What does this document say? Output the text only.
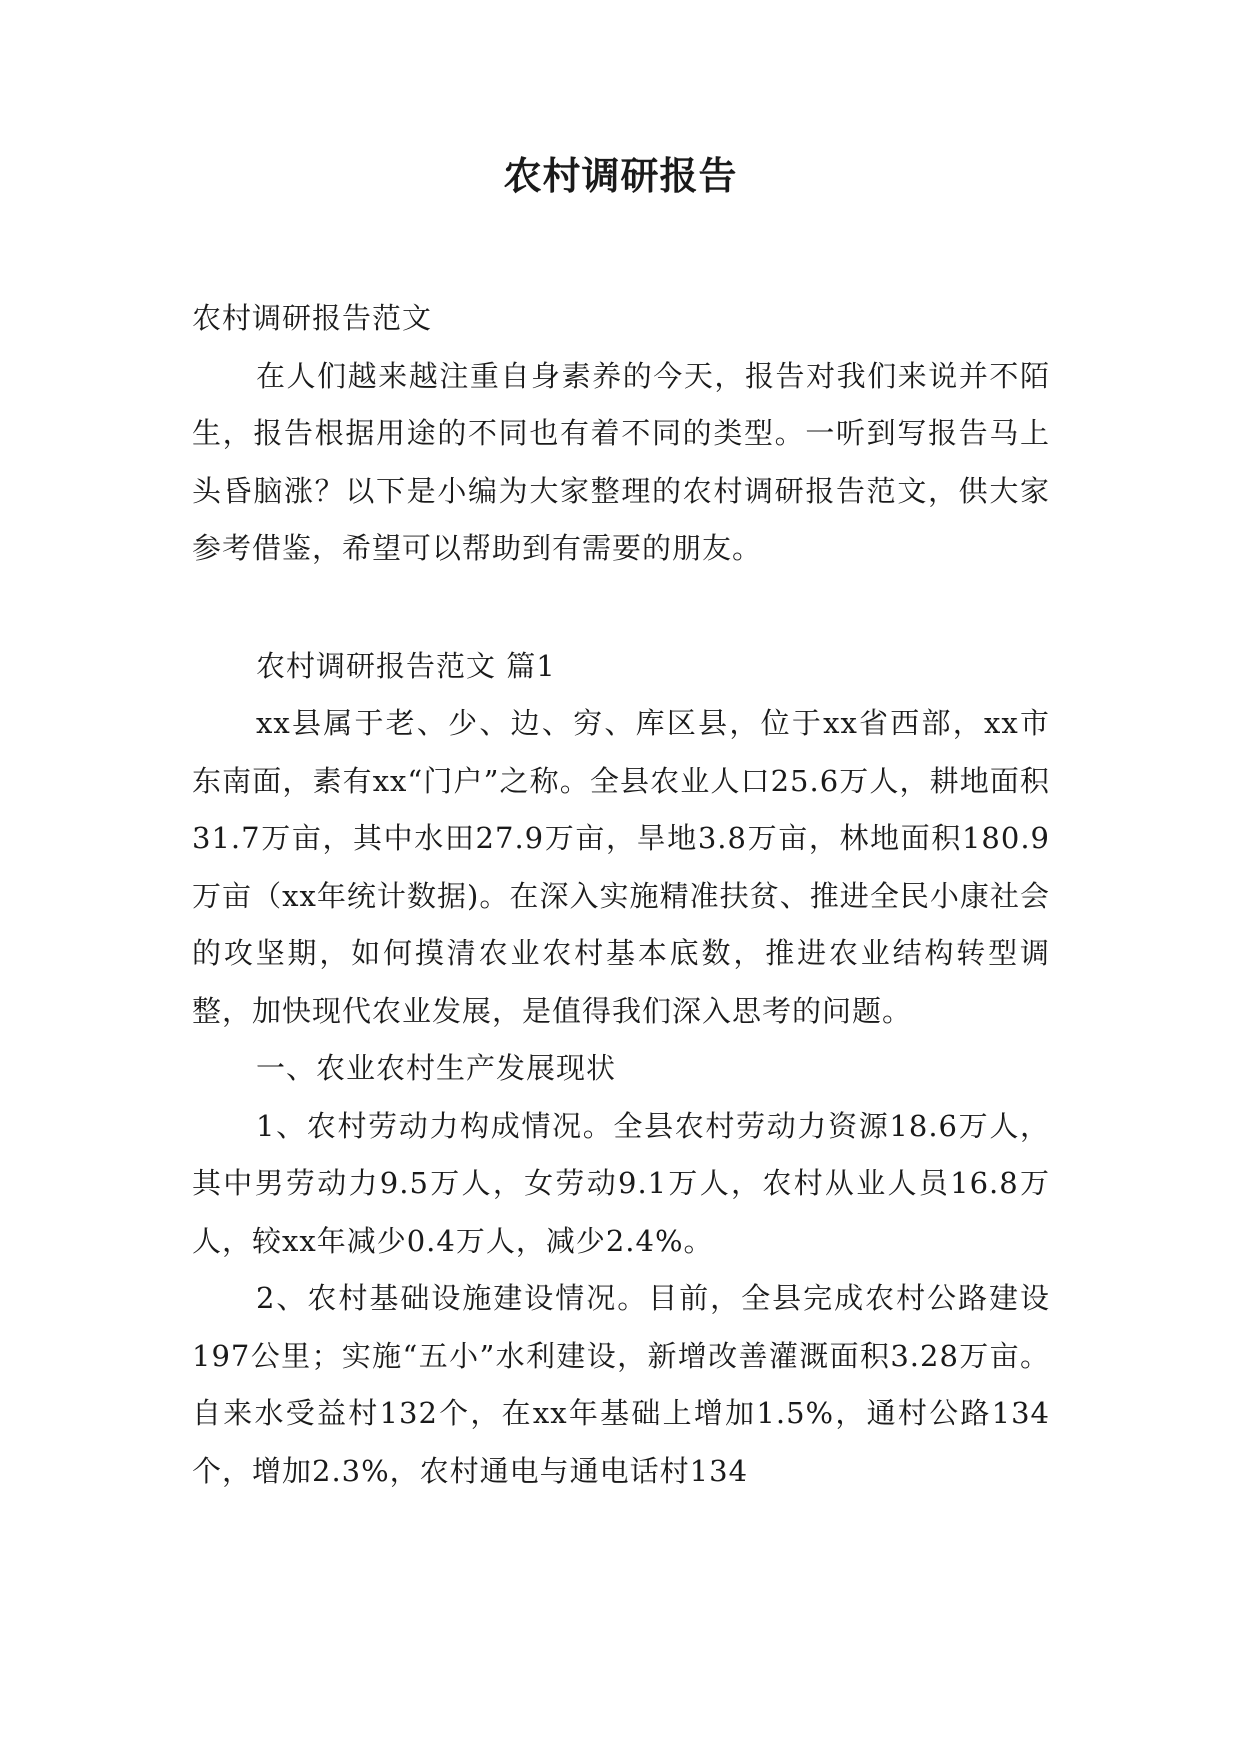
农村调研报告

农村调研报告范文

在人们越来越注重自身素养的今天，报告对我们来说并不陌生，报告根据用途的不同也有着不同的类型。一听到写报告马上头昏脑涨？以下是小编为大家整理的农村调研报告范文，供大家参考借鉴，希望可以帮助到有需要的朋友。

农村调研报告范文 篇1

xx县属于老、少、边、穷、库区县，位于xx省西部，xx市东南面，素有xx“门户”之称。全县农业人口25.6万人，耕地面积31.7万亩，其中水田27.9万亩，旱地3.8万亩，林地面积180.9万亩（xx年统计数据)。在深入实施精准扶贫、推进全民小康社会的攻坚期，如何摸清农业农村基本底数，推进农业结构转型调整，加快现代农业发展，是值得我们深入思考的问题。

一、农业农村生产发展现状

1、农村劳动力构成情况。全县农村劳动力资源18.6万人，其中男劳动力9.5万人，女劳动9.1万人，农村从业人员16.8万人，较xx年减少0.4万人，减少2.4%。

2、农村基础设施建设情况。目前，全县完成农村公路建设197公里；实施“五小”水利建设，新增改善灌溉面积3.28万亩。自来水受益村132个，在xx年基础上增加1.5%，通村公路134个，增加2.3%，农村通电与通电话村134
